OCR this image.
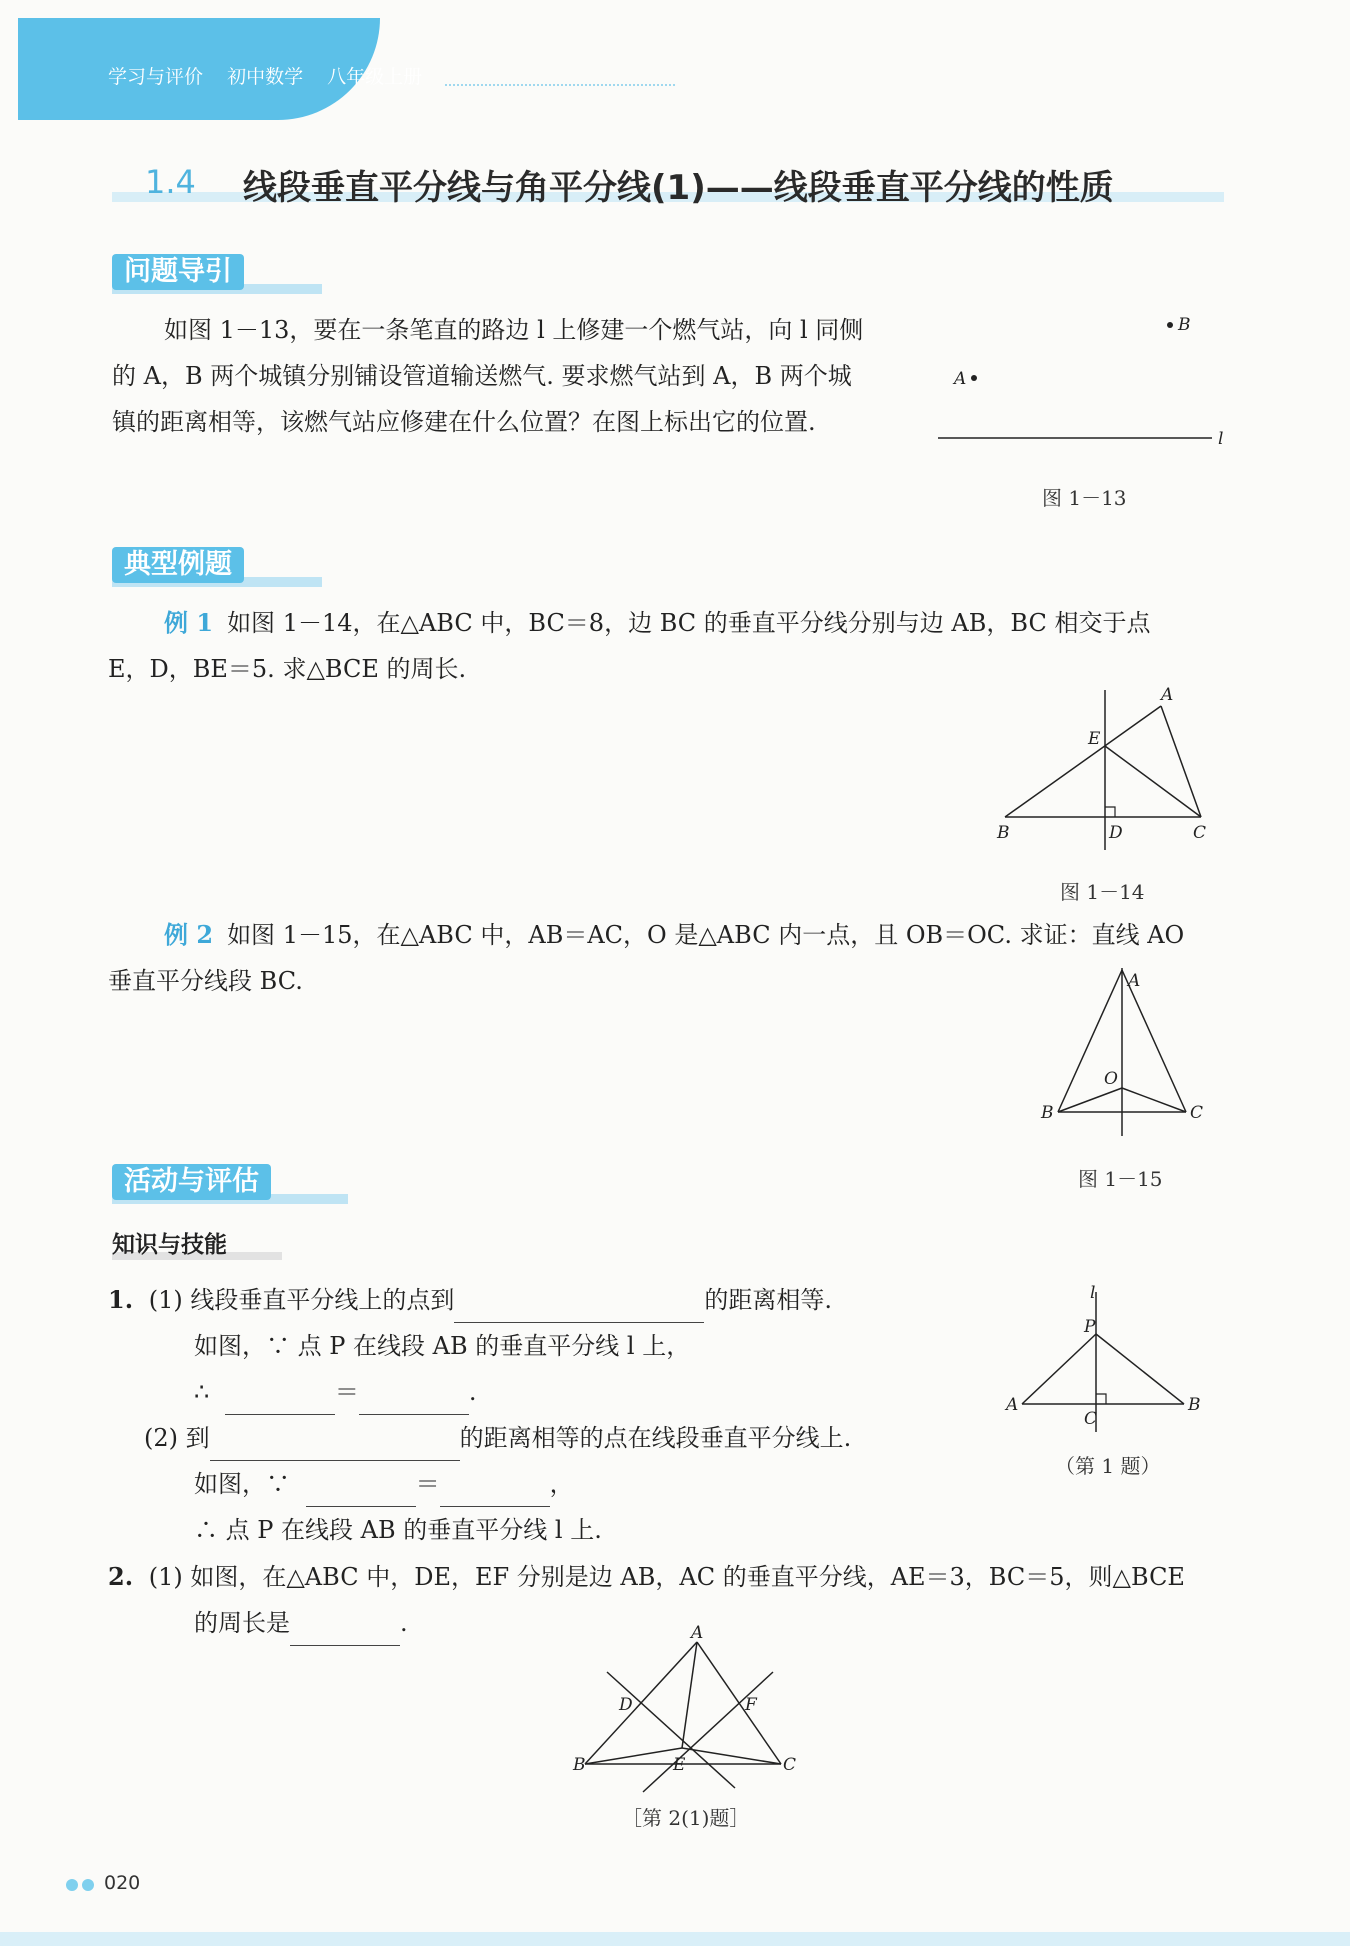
学习与评价 初中数学 八年级上册
1.4 线段垂直平分线与角平分线(1)——线段垂直平分线的性质
问题导引
如图 1－13，要在一条笔直的路边 l 上修建一个燃气站，向 l 同侧
的 A，B 两个城镇分别铺设管道输送燃气. 要求燃气站到 A，B 两个城
镇的距离相等，该燃气站应修建在什么位置？在图上标出它的位置.
B
A
l
图 1－13
典型例题
例 1 如图 1－14，在△ABC 中，BC＝8，边 BC 的垂直平分线分别与边 AB，BC 相交于点
E，D，BE＝5. 求△BCE 的周长.
A
E
B	D	C
图 1－14
例 2 如图 1－15，在△ABC 中，AB＝AC，O 是△ABC 内一点，且 OB＝OC. 求证：直线 AO
垂直平分线段 BC.	A
O
B	C
图 1－15
活动与评估
知识与技能
1. (1) 线段垂直平分线上的点到	的距离相等.
如图，∵ 点 P 在线段 AB 的垂直平分线 l 上，
∴	＝	.
(2) 到	的距离相等的点在线段垂直平分线上.
如图，∵	＝	，
∴ 点 P 在线段 AB 的垂直平分线 l 上.
l
P
A	B
C
（第 1 题）
2. (1) 如图，在△ABC 中，DE，EF 分别是边 AB，AC 的垂直平分线，AE＝3，BC＝5，则△BCE
的周长是	.	A
D	F
B	E	C
［第 2(1)题］
020
